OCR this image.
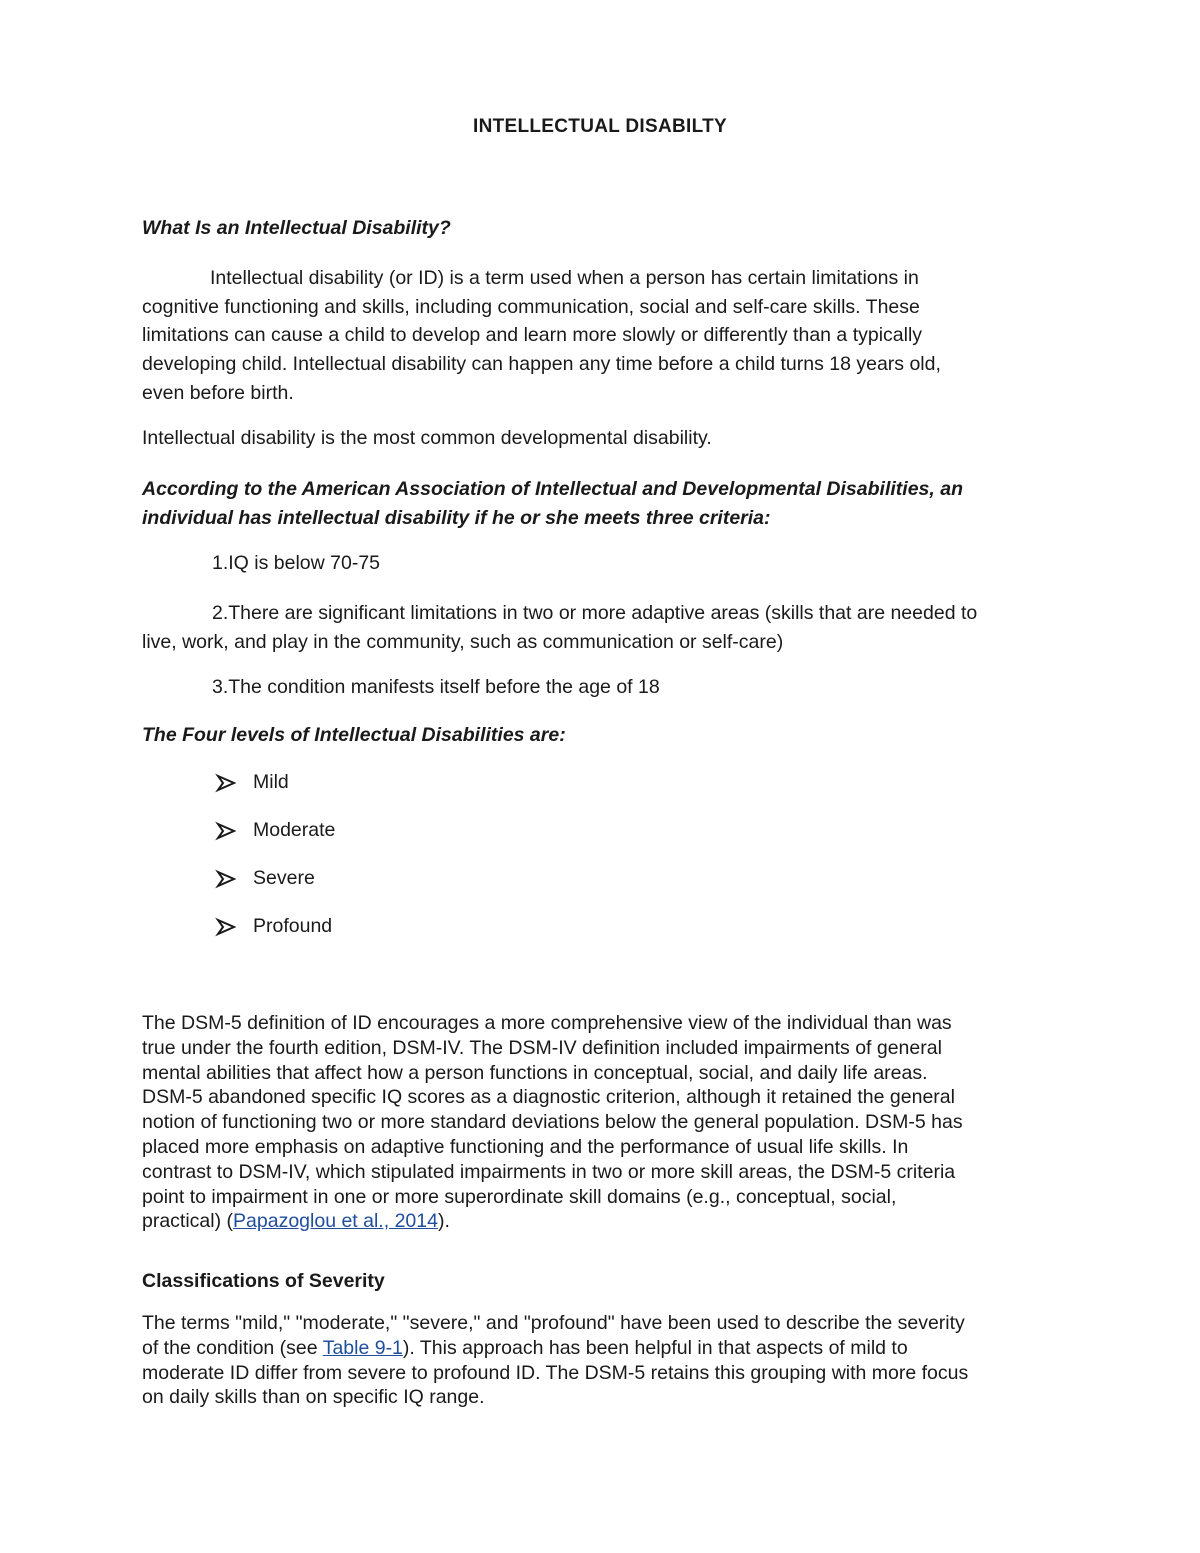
INTELLECTUAL DISABILTY
What Is an Intellectual Disability?
Intellectual disability (or ID) is a term used when a person has certain limitations in
cognitive functioning and skills, including communication, social and self-care skills. These
limitations can cause a child to develop and learn more slowly or differently than a typically
developing child. Intellectual disability can happen any time before a child turns 18 years old,
even before birth.
Intellectual disability is the most common developmental disability.
According to the American Association of Intellectual and Developmental Disabilities, an
individual has intellectual disability if he or she meets three criteria:
1.IQ is below 70-75
2.There are significant limitations in two or more adaptive areas (skills that are needed to
live, work, and play in the community, such as communication or self-care)
3.The condition manifests itself before the age of 18
The Four levels of Intellectual Disabilities are:
Mild
Moderate
Severe
Profound
The DSM-5 definition of ID encourages a more comprehensive view of the individual than was
true under the fourth edition, DSM-IV. The DSM-IV definition included impairments of general
mental abilities that affect how a person functions in conceptual, social, and daily life areas.
DSM-5 abandoned specific IQ scores as a diagnostic criterion, although it retained the general
notion of functioning two or more standard deviations below the general population. DSM-5 has
placed more emphasis on adaptive functioning and the performance of usual life skills. In
contrast to DSM-IV, which stipulated impairments in two or more skill areas, the DSM-5 criteria
point to impairment in one or more superordinate skill domains (e.g., conceptual, social,
practical) (Papazoglou et al., 2014).
Classifications of Severity
The terms "mild," "moderate," "severe," and "profound" have been used to describe the severity
of the condition (see Table 9-1). This approach has been helpful in that aspects of mild to
moderate ID differ from severe to profound ID. The DSM-5 retains this grouping with more focus
on daily skills than on specific IQ range.
